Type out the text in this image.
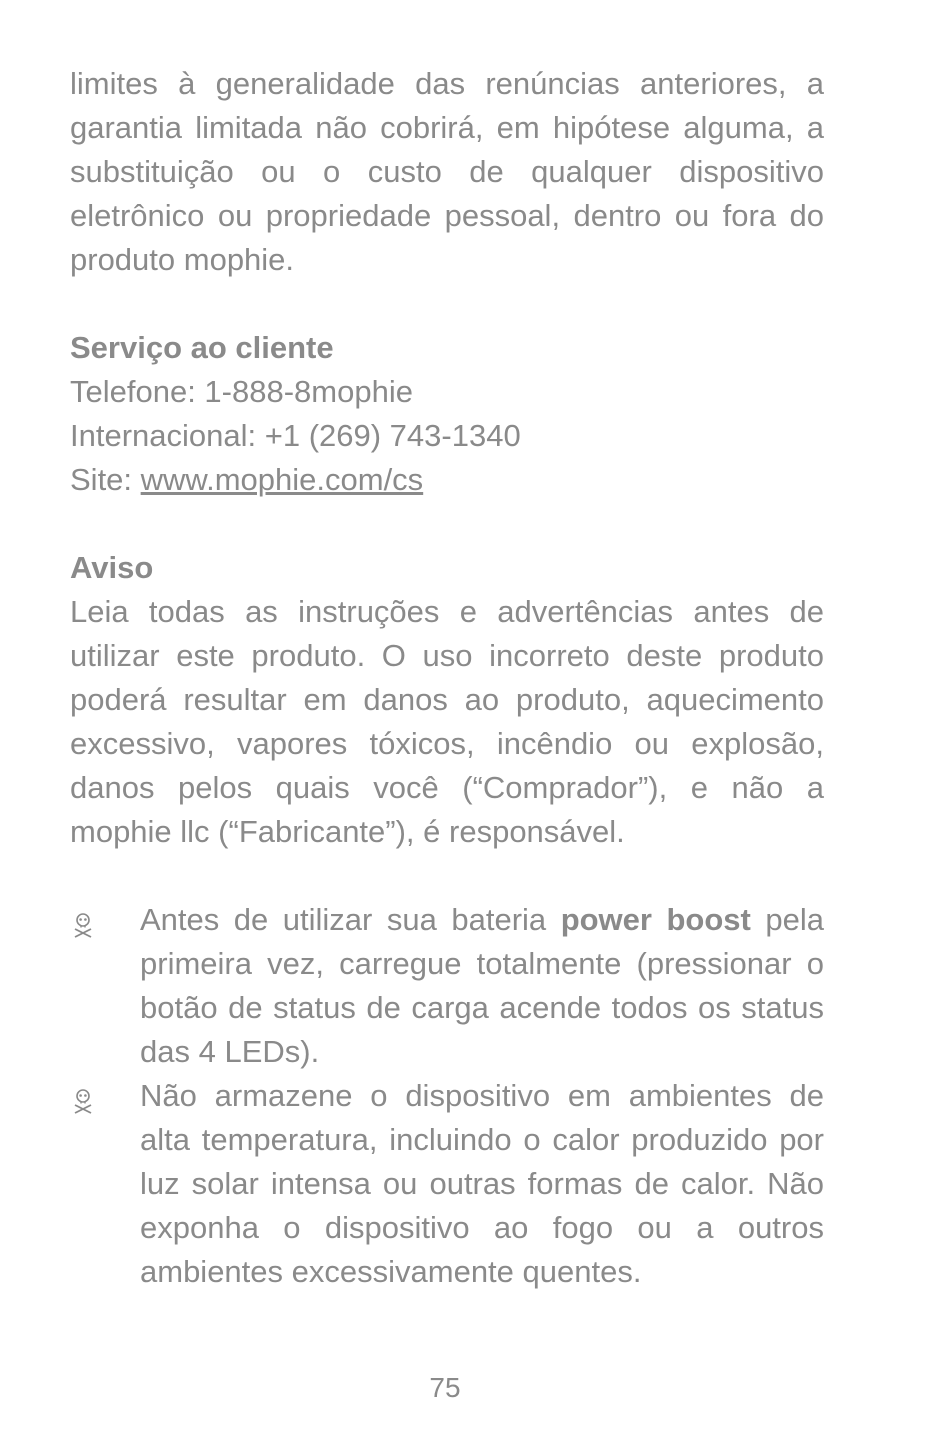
limites à generalidade das renúncias anteriores, a garantia limitada não cobrirá, em hipótese alguma, a substituição ou o custo de qualquer dispositivo eletrônico ou propriedade pessoal, dentro ou fora do produto mophie.

Serviço ao cliente

Telefone: 1-888-8mophie

Internacional: +1 (269) 743-1340

Site: www.mophie.com/cs

Aviso

Leia todas as instruções e advertências antes de utilizar este produto. O uso incorreto deste produto poderá resultar em danos ao produto, aquecimento excessivo, vapores tóxicos, incêndio ou explosão, danos pelos quais você (“Comprador”), e não a mophie llc (“Fabricante”), é responsável.

Antes de utilizar sua bateria power boost pela primeira vez, carregue totalmente (pressionar o botão de status de carga acende todos os status das 4 LEDs).
Não armazene o dispositivo em ambientes de alta temperatura, incluindo o calor produzido por luz solar intensa ou outras formas de calor. Não exponha o dispositivo ao fogo ou a outros ambientes excessivamente quentes.
75
